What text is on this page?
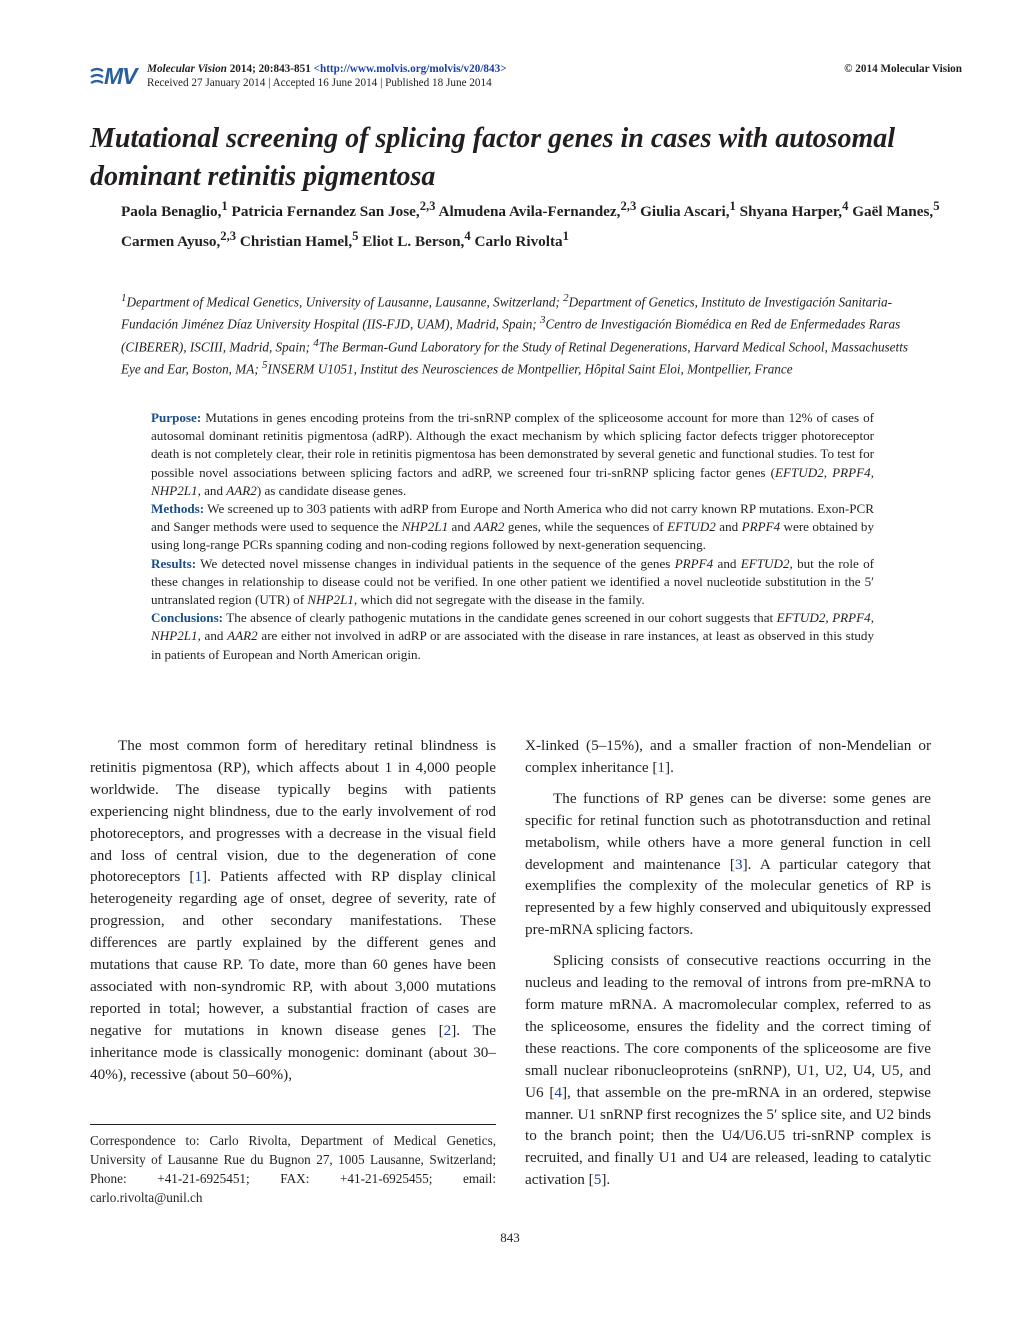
MV Molecular Vision 2014; 20:843-851 <http://www.molvis.org/molvis/v20/843>
Received 27 January 2014 | Accepted 16 June 2014 | Published 18 June 2014
© 2014 Molecular Vision
Mutational screening of splicing factor genes in cases with autosomal dominant retinitis pigmentosa

Paola Benaglio,$^1$ Patricia Fernandez San Jose,$^{2,3}$ Almudena Avila-Fernandez,$^{2,3}$ Giulia Ascari,$^1$ Shyana Harper,$^4$ Gaël Manes,$^5$ Carmen Ayuso,$^{2,3}$ Christian Hamel,$^5$ Eliot L. Berson,$^4$ Carlo Rivolta$^1$

$^1$Department of Medical Genetics, University of Lausanne, Lausanne, Switzerland; $^2$Department of Genetics, Instituto de Investigación Sanitaria-Fundación Jiménez Díaz University Hospital (IIS-FJD, UAM), Madrid, Spain; $^3$Centro de Investigación Biomédica en Red de Enfermedades Raras (CIBERER), ISCIII, Madrid, Spain; $^4$The Berman-Gund Laboratory for the Study of Retinal Degenerations, Harvard Medical School, Massachusetts Eye and Ear, Boston, MA; $^5$INSERM U1051, Institut des Neurosciences de Montpellier, Hôpital Saint Eloi, Montpellier, France

Purpose: Mutations in genes encoding proteins from the tri-snRNP complex of the spliceosome account for more than 12% of cases of autosomal dominant retinitis pigmentosa (adRP). Although the exact mechanism by which splicing factor defects trigger photoreceptor death is not completely clear, their role in retinitis pigmentosa has been demonstrated by several genetic and functional studies. To test for possible novel associations between splicing factors and adRP, we screened four tri-snRNP splicing factor genes (EFTUD2, PRPF4, NHP2L1, and AAR2) as candidate disease genes.

Methods: We screened up to 303 patients with adRP from Europe and North America who did not carry known RP mutations. Exon-PCR and Sanger methods were used to sequence the NHP2L1 and AAR2 genes, while the sequences of EFTUD2 and PRPF4 were obtained by using long-range PCRs spanning coding and non-coding regions followed by next-generation sequencing.

Results: We detected novel missense changes in individual patients in the sequence of the genes PRPF4 and EFTUD2, but the role of these changes in relationship to disease could not be verified. In one other patient we identified a novel nucleotide substitution in the 5′ untranslated region (UTR) of NHP2L1, which did not segregate with the disease in the family.

Conclusions: The absence of clearly pathogenic mutations in the candidate genes screened in our cohort suggests that EFTUD2, PRPF4, NHP2L1, and AAR2 are either not involved in adRP or are associated with the disease in rare instances, at least as observed in this study in patients of European and North American origin.

The most common form of hereditary retinal blindness is retinitis pigmentosa (RP), which affects about 1 in 4,000 people worldwide. The disease typically begins with patients experiencing night blindness, due to the early involvement of rod photoreceptors, and progresses with a decrease in the visual field and loss of central vision, due to the degeneration of cone photoreceptors [1]. Patients affected with RP display clinical heterogeneity regarding age of onset, degree of severity, rate of progression, and other secondary manifestations. These differences are partly explained by the different genes and mutations that cause RP. To date, more than 60 genes have been associated with non-syndromic RP, with about 3,000 mutations reported in total; however, a substantial fraction of cases are negative for mutations in known disease genes [2]. The inheritance mode is classically monogenic: dominant (about 30–40%), recessive (about 50–60%),

X-linked (5–15%), and a smaller fraction of non-Mendelian or complex inheritance [1].

The functions of RP genes can be diverse: some genes are specific for retinal function such as phototransduction and retinal metabolism, while others have a more general function in cell development and maintenance [3]. A particular category that exemplifies the complexity of the molecular genetics of RP is represented by a few highly conserved and ubiquitously expressed pre-mRNA splicing factors.

Splicing consists of consecutive reactions occurring in the nucleus and leading to the removal of introns from pre-mRNA to form mature mRNA. A macromolecular complex, referred to as the spliceosome, ensures the fidelity and the correct timing of these reactions. The core components of the spliceosome are five small nuclear ribonucleoproteins (snRNP), U1, U2, U4, U5, and U6 [4], that assemble on the pre-mRNA in an ordered, stepwise manner. U1 snRNP first recognizes the 5′ splice site, and U2 binds to the branch point; then the U4/U6.U5 tri-snRNP complex is recruited, and finally U1 and U4 are released, leading to catalytic activation [5].

Correspondence to: Carlo Rivolta, Department of Medical Genetics, University of Lausanne Rue du Bugnon 27, 1005 Lausanne, Switzerland; Phone: +41-21-6925451; FAX: +41-21-6925455; email: carlo.rivolta@unil.ch

843
